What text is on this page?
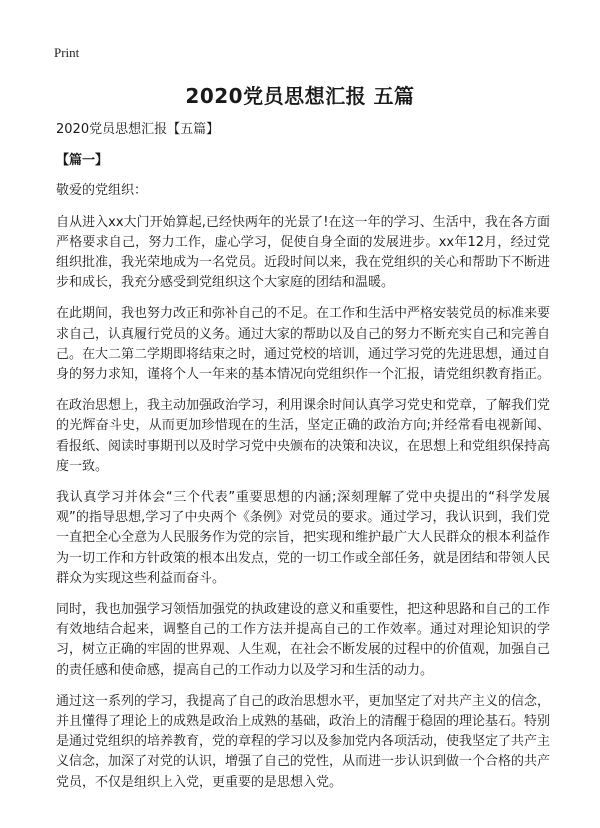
Print
2020党员思想汇报 五篇

2020党员思想汇报【五篇】

【篇一】

敬爱的党组织：

自从进入xx大门开始算起,已经快两年的光景了!在这一年的学习、生活中，我在各方面严格要求自己，努力工作，虚心学习，促使自身全面的发展进步。xx年12月，经过党组织批准，我光荣地成为一名党员。近段时间以来，我在党组织的关心和帮助下不断进步和成长，我充分感受到党组织这个大家庭的团结和温暖。

在此期间，我也努力改正和弥补自己的不足。在工作和生活中严格安装党员的标准来要求自己，认真履行党员的义务。通过大家的帮助以及自己的努力不断充实自己和完善自己。在大二第二学期即将结束之时，通过党校的培训，通过学习党的先进思想，通过自身的努力求知，谨将个人一年来的基本情况向党组织作一个汇报，请党组织教育指正。

在政治思想上，我主动加强政治学习，利用课余时间认真学习党史和党章，了解我们党的光辉奋斗史，从而更加珍惜现在的生活，坚定正确的政治方向;并经常看电视新闻、看报纸、阅读时事期刊以及时学习党中央颁布的决策和决议，在思想上和党组织保持高度一致。

我认真学习并体会“三个代表”重要思想的内涵;深刻理解了党中央提出的“科学发展观”的指导思想,学习了中央两个《条例》对党员的要求。通过学习，我认识到，我们党一直把全心全意为人民服务作为党的宗旨，把实现和维护最广大人民群众的根本利益作为一切工作和方针政策的根本出发点，党的一切工作或全部任务，就是团结和带领人民群众为实现这些利益而奋斗。

同时，我也加强学习领悟加强党的执政建设的意义和重要性，把这种思路和自己的工作有效地结合起来，调整自己的工作方法并提高自己的工作效率。通过对理论知识的学习，树立正确的牢固的世界观、人生观，在社会不断发展的过程中的价值观，加强自己的责任感和使命感，提高自己的工作动力以及学习和生活的动力。

通过这一系列的学习，我提高了自己的政治思想水平，更加坚定了对共产主义的信念，并且懂得了理论上的成熟是政治上成熟的基础，政治上的清醒于稳固的理论基石。特别是通过党组织的培养教育，党的章程的学习以及参加党内各项活动，使我坚定了共产主义信念，加深了对党的认识，增强了自己的党性，从而进一步认识到做一个合格的共产党员，不仅是组织上入党，更重要的是思想入党。
